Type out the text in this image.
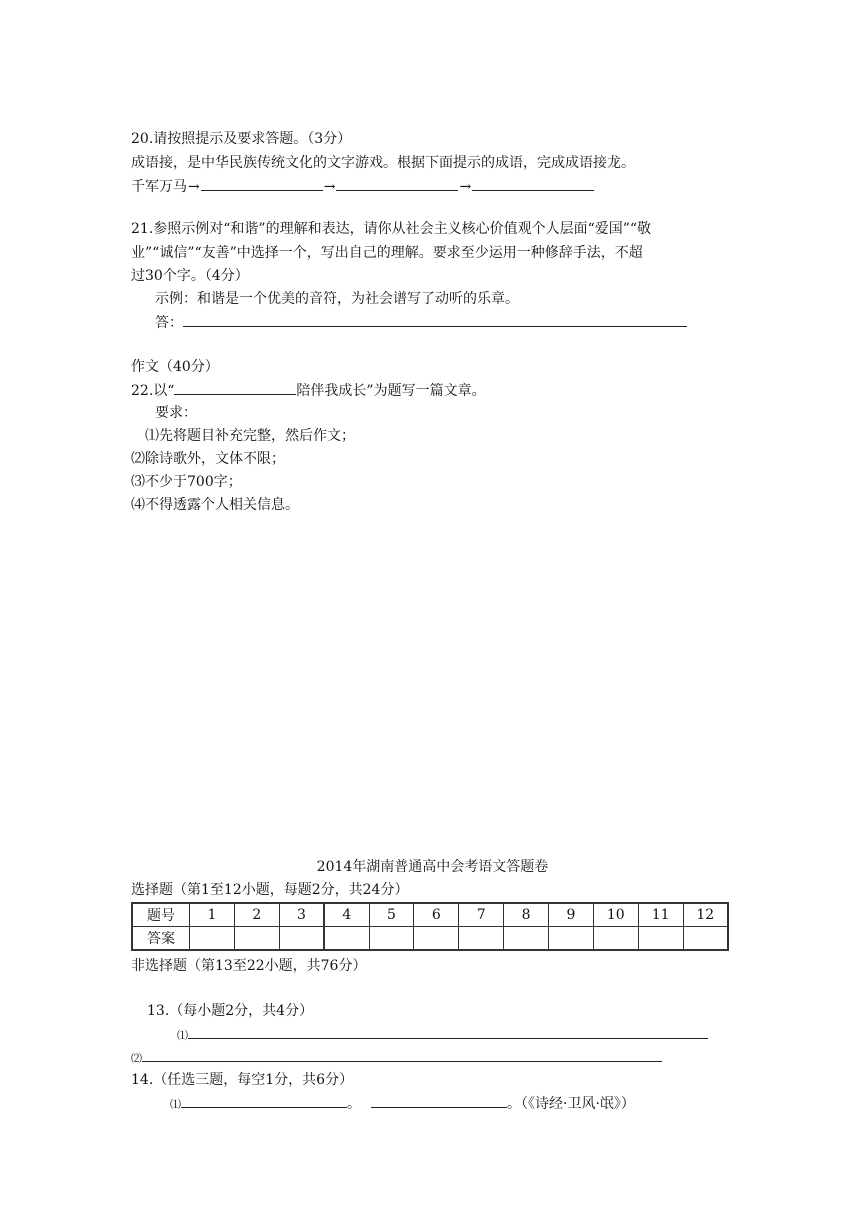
20.请按照提示及要求答题。（3分）
成语接，是中华民族传统文化的文字游戏。根据下面提示的成语，完成成语接龙。
千军万马→	→	→
21.参照示例对“和谐”的理解和表达，请你从社会主义核心价值观个人层面“爱国”“敬
业”“诚信”“友善”中选择一个，写出自己的理解。要求至少运用一种修辞手法，不超
过30个字。（4分）
示例：和谐是一个优美的音符，为社会谱写了动听的乐章。
答：
作文（40分）
22.以“	陪伴我成长”为题写一篇文章。
要求：
⑴先将题目补充完整，然后作文；
⑵除诗歌外，文体不限；
⑶不少于700字；
⑷不得透露个人相关信息。
2014年湖南普通高中会考语文答题卷
选择题（第1至12小题，每题2分，共24分）
题号	1	2	3	4	5	6	7	8	9	10	11	12
答案												
非选择题（第13至22小题，共76分）
13.（每小题2分，共4分）
⑴
⑵
14.（任选三题，每空1分，共6分）
⑴	。	。（《诗经·卫风·氓》）
